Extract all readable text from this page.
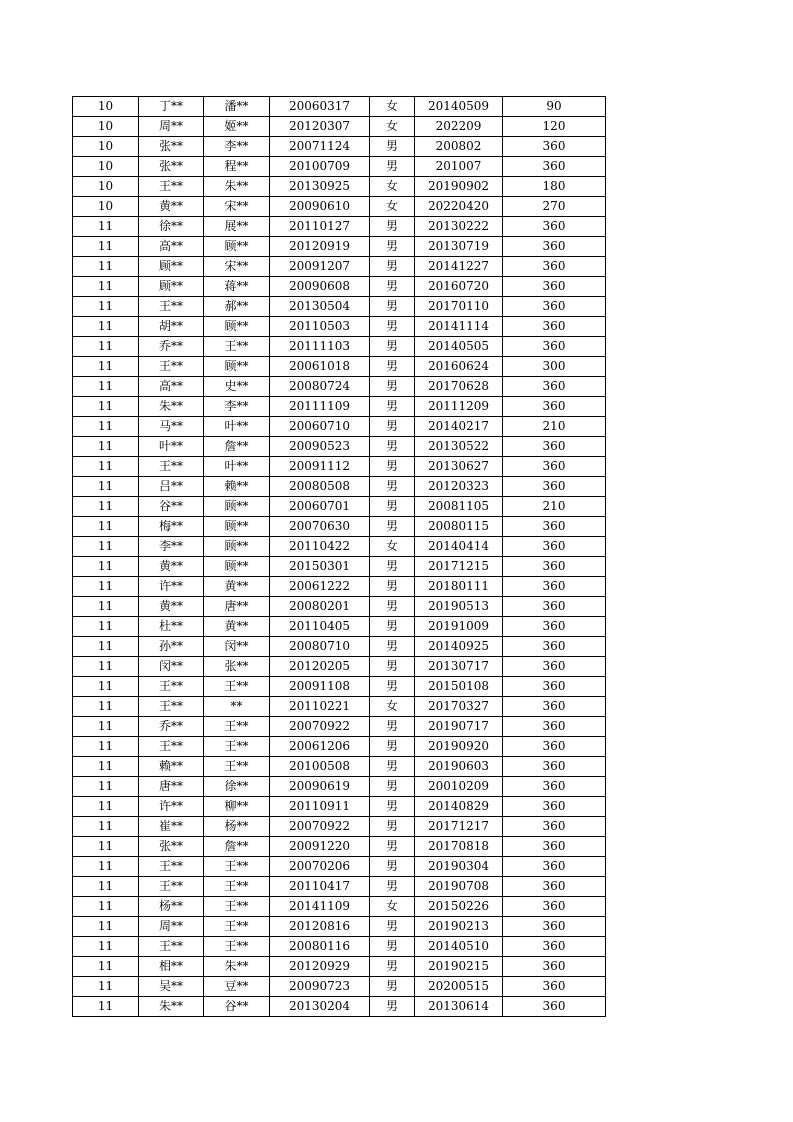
10	丁**	潘**	20060317	女	20140509	90
10	周**	姬**	20120307	女	202209	120
10	张**	李**	20071124	男	200802	360
10	张**	程**	20100709	男	201007	360
10	王**	朱**	20130925	女	20190902	180
10	黄**	宋**	20090610	女	20220420	270
11	徐**	展**	20110127	男	20130222	360
11	高**	顾**	20120919	男	20130719	360
11	顾**	宋**	20091207	男	20141227	360
11	顾**	蒋**	20090608	男	20160720	360
11	王**	郝**	20130504	男	20170110	360
11	胡**	顾**	20110503	男	20141114	360
11	乔**	王**	20111103	男	20140505	360
11	王**	顾**	20061018	男	20160624	300
11	高**	史**	20080724	男	20170628	360
11	朱**	李**	20111109	男	20111209	360
11	马**	叶**	20060710	男	20140217	210
11	叶**	詹**	20090523	男	20130522	360
11	王**	叶**	20091112	男	20130627	360
11	吕**	赖**	20080508	男	20120323	360
11	谷**	顾**	20060701	男	20081105	210
11	梅**	顾**	20070630	男	20080115	360
11	李**	顾**	20110422	女	20140414	360
11	黄**	顾**	20150301	男	20171215	360
11	许**	黄**	20061222	男	20180111	360
11	黄**	唐**	20080201	男	20190513	360
11	杜**	黄**	20110405	男	20191009	360
11	孙**	闵**	20080710	男	20140925	360
11	闵**	张**	20120205	男	20130717	360
11	王**	王**	20091108	男	20150108	360
11	王**	**	20110221	女	20170327	360
11	乔**	王**	20070922	男	20190717	360
11	王**	王**	20061206	男	20190920	360
11	赖**	王**	20100508	男	20190603	360
11	唐**	徐**	20090619	男	20010209	360
11	许**	柳**	20110911	男	20140829	360
11	崔**	杨**	20070922	男	20171217	360
11	张**	詹**	20091220	男	20170818	360
11	王**	王**	20070206	男	20190304	360
11	王**	王**	20110417	男	20190708	360
11	杨**	王**	20141109	女	20150226	360
11	周**	王**	20120816	男	20190213	360
11	王**	王**	20080116	男	20140510	360
11	相**	朱**	20120929	男	20190215	360
11	吴**	豆**	20090723	男	20200515	360
11	朱**	谷**	20130204	男	20130614	360
